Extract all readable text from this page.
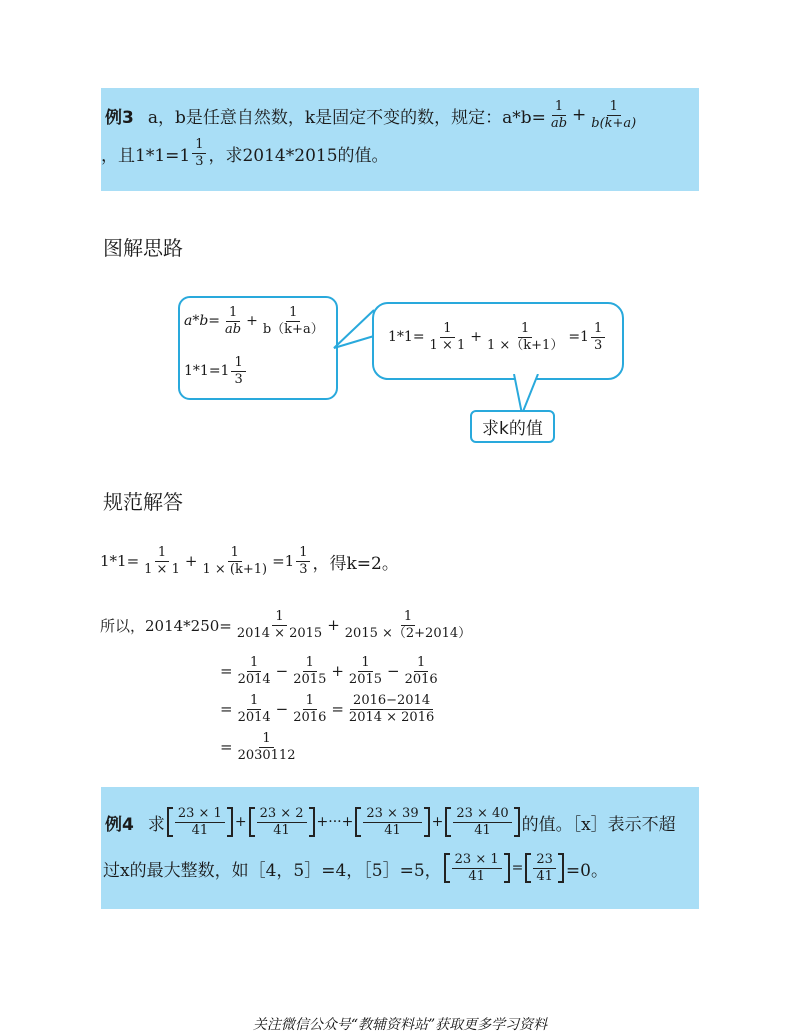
例3 a，b是任意自然数，k是固定不变的数，规定：$a*b= \frac{1}{ab} + \frac{1}{b(k+a)}$
，且$1*1=1 \frac{1}{3}$ ，求2014*2015的值。
图解思路
$a*b= \frac{1}{ab} + \frac{1}{b(k+a)}$
$1*1=1 \frac{1}{3}$
$1*1= \frac{1}{1 \times 1} + \frac{1}{1 \times(k+1)} =1 \frac{1}{3}$
求k的值
规范解答
$1*1= \frac{1}{1 \times 1} + \frac{1}{1 \times (k+1)} =1 \frac{1}{3}$ ，得k=2。
所以，$2014*250= \frac{1}{2014 \times 2015} + \frac{1}{2015 \times(2+2014)}$
= $\frac{1}{2014} - \frac{1}{2015} + \frac{1}{2015} - \frac{1}{2016}$
= $\frac{1}{2014} - \frac{1}{2016} = \frac{2016-2014}{2014 \times 2016}$
= $\frac{1}{2030112}$
例4 求 $\frac{23 \times 1}{41} + \frac{23 \times 2}{41}$ +···+ $\frac{23 \times 39}{41} + \frac{23 \times 40}{41}$ 的值。［x］表示不超
过x的最大整数，如［4，5］=4，［5］=5， $\frac{23 \times 1}{41} = \frac{23}{41} =0$。
关注微信公众号“教辅资料站”获取更多学习资料
